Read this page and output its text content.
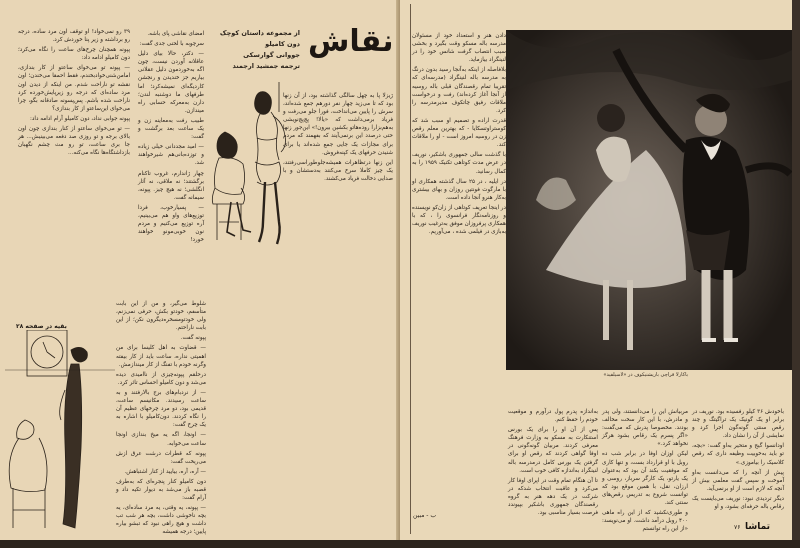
نقاش
از مجموعه داستان کوچک دون کامیلو
جووانی گوارسکی
ترجمه جمشید ارجمند

ژیزلا پا به چهل سالگی گذاشته بود، از آن زنها بود که تا می‌زید چهار نفر دورهم جمع شده‌اند، سرش را پایین می‌انداخت، فورا جلو می‌رفت و فریاد برمی‌داشت که «یالا! پچ‌پچ‌نویشی به‌هم‌بزارا روده‌هاتو بکشین بیرون!» این‌جور زنها حتی درصدد این بر‌نمی‌آیند که بفهمند که مردم برای مجازات یک جایی جمع شده‌اند یا برای شنیدن حرفهای یک کپنه‌فروش.

این زنها درتظاهرات همیشه‌جلو‌طوراسی‌رفتند، یک چیز کاملا سرخ می‌کنند به‌دستشان و با صدایی دخالت فریاد می‌کشند.

امضای نقاشی پای باشه.

سرچوبه با لحنی جدی گفت:

— دکتر، حالا بیای دلیل عاقلانه آوردن نیست، چون اگه به‌خوردمون دلیل عقلانی بیاریم جز خندیدن و رنجشن کاردیگه‌ای نمیشه‌کرد؛ اما طرفهای ما دوشنبه لندن؛ دارن به‌معرکه حسابی راه میندازن.

طبیب رفت به‌معاینه زن و یک ساعت بعد برگشت و گفت:

— امید مجددانی خیلی زیاده و توزده‌بانی‌هم شیرخواهند شد.

چهار ژاندارم، غروب تاکنام برگشتند؛ نه ملاقی، نه آثار انگلشی؛ نه هیچ چیز. پپونه، سیمانه گفت.

— پسیارخوب، فردا توزیع‌های واو هم می‌بینیم، آره توزیع می‌کنیم و مردم نون خوبی‌مونو خواهند خورد!

۳۹ رو نمی‌خواد! او توقف اون مرد ساده، درجه رو برداشته و زیر پنا خوردش کرد.

پپونه همچنان چرخ‌های ساعت را نگاه می‌کرد؛ دون کامیلو ادامه داد:

— پپونه تو می‌خوای ساعتو از کار بندازی، امامن‌شنی‌خوادبخندم، فقط احمقا می‌خندن؛ اون نقشه تو ناراحت شدم. من اینکه از دیدن اون مرد ساده‌ای که درجه رو زیرپایش‌خورده کرد ناراحت شده باشم. پس‌پسونه صادقانه بگو، چرا می‌خوای این‌ساعتو از کار بندازی؟

پپونه جوابی نداد، دون کامیلو آرام ادامه داد:

— تو می‌خوای ساعتو از کنار بندازی چون اون بالای برجه و تو روزی صد دفعه می‌بینیش... هر جا بری ساعت، تو رو مث چشم نگهبان بازداشتگاه‌ها نگاه می‌کنه...

بقیه در صفحه ۲۸

شلوط می‌گیر، و من از این بابت متأسفم، خودتو بکش، حرفی نمی‌زنم، ولی خودتو‌مسخره‌دیگرون نکن؛ از این بابت ناراحتم.

پپونه گفت.

— قضاوت به اهل کلیسا برای من اهمیتی نداره، ساعت باید از کار بیفته وگرنه خودم با تفنگ از کار میندازمش.

در‌حلقم پپونه‌چیزی از ناامیدی دیده می‌شد و دون کامیلو احساس تاثر کرد.

— از نردبام‌های برج بالارفتند و به ساعت رسیدند. مکانیسم ساعت، قدیمی بود، دو مرد چرخهای عظیم آن را نگاه کردند. دون‌کامیلو با اشاره به یک چرخ گفت:

— اونجا، اگه یه میخ بندازی اونجا ساعت می‌خوابه.

پپونه که قطرات درشت عرق ازش می‌ریخت گفت:

— آره، آره، بیایید از کنار اشتباهش.

دون کامیلو کنار پنجره‌ای که به‌طرف قصبه باز می‌شد به دیوار تکیه داد و آرام گفت:

— پپونه، یه وقتی، یه مرد ساده‌ای، یه بچه ناخوشی داشت، بچه هر شب تب داشت و هیچ راهی نبود که تبشو بیاره پایین؛ درجه همیشه

دادن هنر و استعداد خود از مسئولان مدرسه باله مسکو وقت بگیرد و بخشی سبب انتصاب گرفت شانس خود را در لنینگراد بیازماید.

بلافاصله از اینکه به‌آنجا رسید بدون درنگ به مدرسه باله لنینگراد (مدرسه‌ای که تقریبا تمام رقصندگان قبلی باله روسیه از آنجا آغاز کرده‌اند) رفت و درخواست ملاقات رفیق چاتکوف مدیرمدرسه را کرد.

قدرت اراده و تصمیم او سبب شد که کوستراوتسکایا - که بهترین معلم رقص زن در روسیه امروز است - او را ملاقات کند.

با گذشت سالی جمهوری باشکیر، نوریف در عرض مدت کوتاهی تکنیک ۱۹۵۹ را به کمال رسانید.

در ایلیه ، در ۲۵ سال گذشته همکاری او با مارگوت فونتین روزان و بهای بیشتری به‌کار هنرو آنجا داده است.

در اینجا تعریف کوتاهی از زان‌کو نویسنده و روزنامه‌نگار فرانسوی را ، که با همکاری پرفروزان موفق به‌ترغیب نوریف به‌بازی در فیلمی شده ، می‌آوریم.

ب - مبین

به‌اندازه پدرم پول درآورم و موقعیت خودم را حفظ کنم.

پس از آن او را برای یک بورس استنکارت به مسکو به وزارت فرهنگ معرفی کردند. مربیان گونه‌گونی در اوفا گواهی کردند که رقص او برای گرفتن یک بورس کامل درمدرسه باله لنینگراد به‌اندازه کافی خوب است.

تا آن هنگام تمام وقت در اپرای اوفا کار می‌کرد و عاقبت انتخاب شدکه در شرکت در یک دهه هنر به گروه رقصندگان جمهوری باشکیر بپیوندد فرصت بسیار مناسبی بود.

مربیانش این را می‌دانستند، ولی پدر و مادرش، با این کار سخت مخالف بودند. مخصوصا پدرش که می‌گفت: «اگر پسرم یک رقاص بشود هرگز نخواهد کرد.»

لیکن اوزان اوفا در برابر شب ده روبل با او قرارداد بست، و تنها کاری که موفقیت بکند آن بود که به‌عنوان یک یارتو، یک کارگر سرباز، روسی و ارزان، نقل، با همین موقع بود که توانست شروع به تدریس رقص‌های سنتی کند.

و طوری‌نکشید که از این راه ماهی ۴۰۰ روبل درآمد داشت. او می‌نویسد: «از این راه توانستم

باخودش ۳۶ کیلو رفسیده بود. نوریف در برابر او یک گونیک یک تراگیتگ و چند رقص سنتی گونه‌گون اجرا کرد و نمایشی از آن را نشان داد.

اودانسوا گیج و متحیر به‌او گفت: «بچه، تو باید به‌خوبیت وظیفه داری که رقص کلاسیک را بیاموزی.»

پیش از آنچه را که می‌دانست به‌او آموخت و سپس گفت معلمی بیش از آنچه که لازم است از او برنمی‌آید.

دیگر تردیدی نبود: نوریف می‌بایست یک رقاص باله حرفه‌ای بشود، و او

باکارلا فراچی باریشنیکوف در «لاسیلفید»
۷۶ تماشا
